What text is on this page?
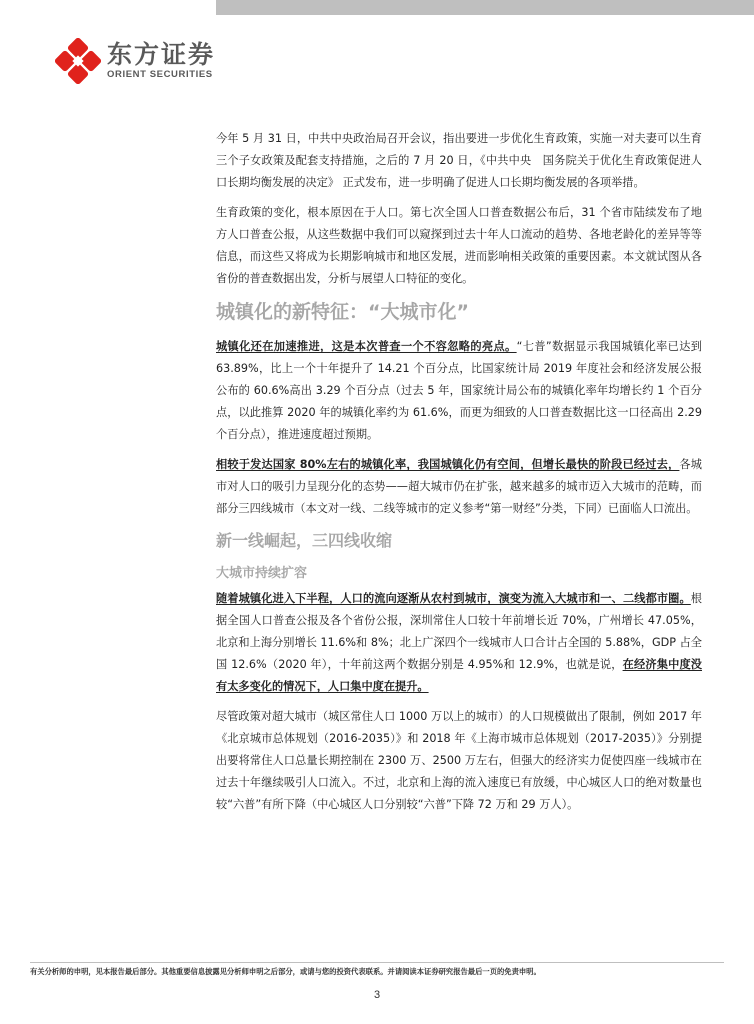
东方证券
ORIENT SECURITIES

今年 5 月 31 日，中共中央政治局召开会议，指出要进一步优化生育政策，实施一对夫妻可以生育三个子女政策及配套支持措施，之后的 7 月 20 日，《中共中央　国务院关于优化生育政策促进人口长期均衡发展的决定》 正式发布，进一步明确了促进人口长期均衡发展的各项举措。

生育政策的变化，根本原因在于人口。第七次全国人口普查数据公布后，31 个省市陆续发布了地方人口普查公报，从这些数据中我们可以窥探到过去十年人口流动的趋势、各地老龄化的差异等等信息，而这些又将成为长期影响城市和地区发展，进而影响相关政策的重要因素。本文就试图从各省份的普查数据出发，分析与展望人口特征的变化。

城镇化的新特征：“大城市化”

城镇化还在加速推进，这是本次普查一个不容忽略的亮点。“七普”数据显示我国城镇化率已达到 63.89%，比上一个十年提升了 14.21 个百分点，比国家统计局 2019 年度社会和经济发展公报公布的 60.6%高出 3.29 个百分点（过去 5 年，国家统计局公布的城镇化率年均增长约 1 个百分点，以此推算 2020 年的城镇化率约为 61.6%，而更为细致的人口普查数据比这一口径高出 2.29 个百分点），推进速度超过预期。

相较于发达国家 80%左右的城镇化率，我国城镇化仍有空间，但增长最快的阶段已经过去，各城市对人口的吸引力呈现分化的态势——超大城市仍在扩张，越来越多的城市迈入大城市的范畴，而部分三四线城市（本文对一线、二线等城市的定义参考“第一财经”分类，下同）已面临人口流出。

新一线崛起，三四线收缩
大城市持续扩容

随着城镇化进入下半程，人口的流向逐渐从农村到城市，演变为流入大城市和一、二线都市圈。根据全国人口普查公报及各个省份公报，深圳常住人口较十年前增长近 70%，广州增长 47.05%，北京和上海分别增长 11.6%和 8%；北上广深四个一线城市人口合计占全国的 5.88%，GDP 占全国 12.6%（2020 年），十年前这两个数据分别是 4.95%和 12.9%，也就是说，在经济集中度没有太多变化的情况下，人口集中度在提升。

尽管政策对超大城市（城区常住人口 1000 万以上的城市）的人口规模做出了限制，例如 2017 年《北京城市总体规划（2016-2035）》和 2018 年《上海市城市总体规划（2017-2035）》分别提出要将常住人口总量长期控制在 2300 万、2500 万左右，但强大的经济实力促使四座一线城市在过去十年继续吸引人口流入。不过，北京和上海的流入速度已有放缓，中心城区人口的绝对数量也较“六普”有所下降（中心城区人口分别较“六普”下降 72 万和 29 万人）。

有关分析师的申明，见本报告最后部分。其他重要信息披露见分析师申明之后部分，或请与您的投资代表联系。并请阅读本证券研究报告最后一页的免责申明。
3
